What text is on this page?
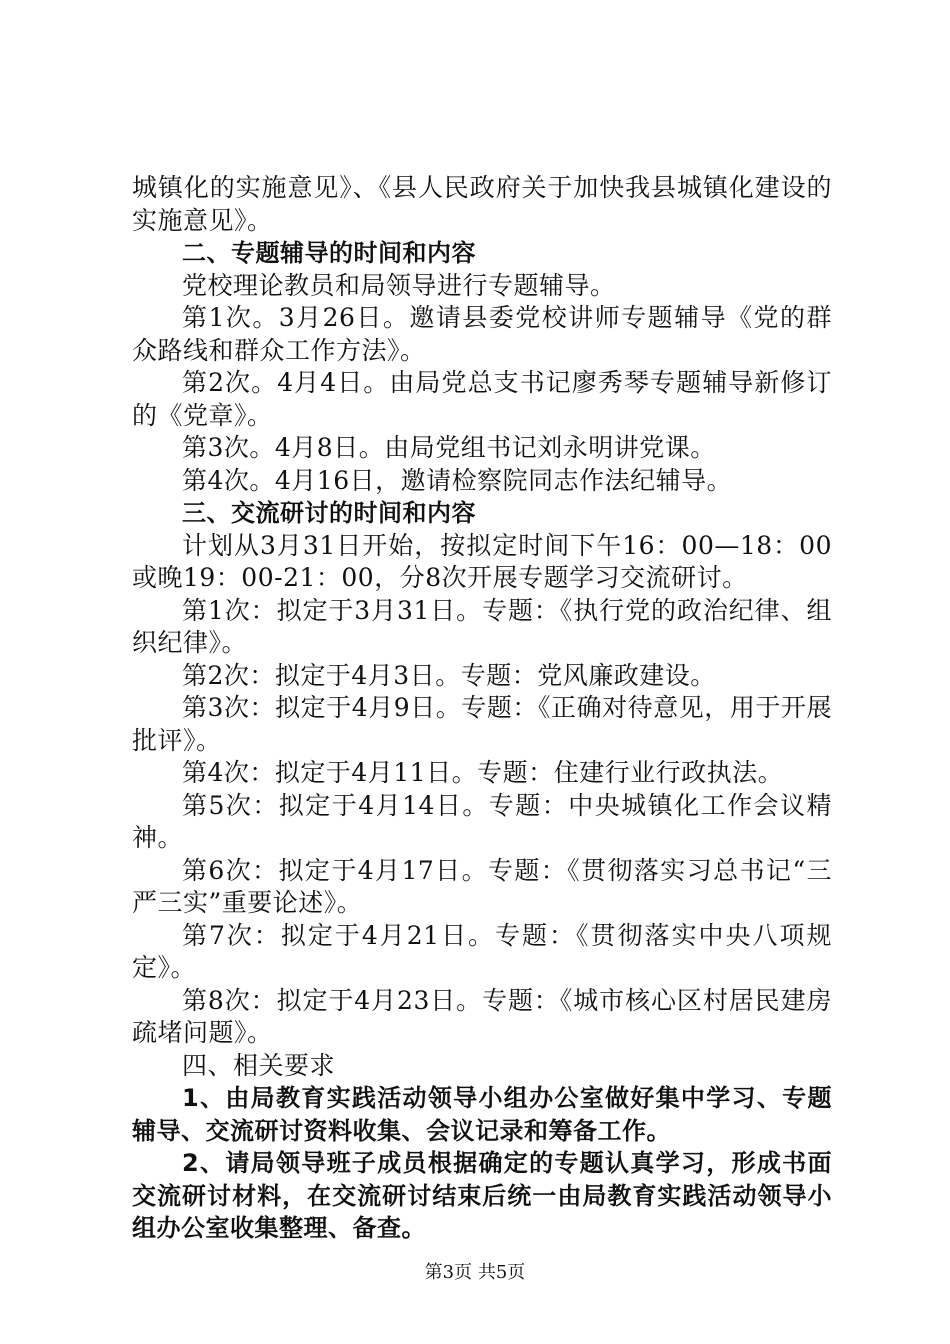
城镇化的实施意见》、《县人民政府关于加快我县城镇化建设的实施意见》。

二、专题辅导的时间和内容

党校理论教员和局领导进行专题辅导。

第1次。3月26日。邀请县委党校讲师专题辅导《党的群众路线和群众工作方法》。

第2次。4月4日。由局党总支书记廖秀琴专题辅导新修订的《党章》。

第3次。4月8日。由局党组书记刘永明讲党课。

第4次。4月16日，邀请检察院同志作法纪辅导。

三、交流研讨的时间和内容

计划从3月31日开始，按拟定时间下午16：00—18：00或晚19：00-21：00，分8次开展专题学习交流研讨。

第1次：拟定于3月31日。专题：《执行党的政治纪律、组织纪律》。

第2次：拟定于4月3日。专题：党风廉政建设。

第3次：拟定于4月9日。专题：《正确对待意见，用于开展批评》。

第4次：拟定于4月11日。专题：住建行业行政执法。

第5次：拟定于4月14日。专题：中央城镇化工作会议精神。

第6次：拟定于4月17日。专题：《贯彻落实习总书记“三严三实”重要论述》。

第7次：拟定于4月21日。专题：《贯彻落实中央八项规定》。

第8次：拟定于4月23日。专题：《城市核心区村居民建房疏堵问题》。

四、相关要求

1、由局教育实践活动领导小组办公室做好集中学习、专题辅导、交流研讨资料收集、会议记录和筹备工作。

2、请局领导班子成员根据确定的专题认真学习，形成书面交流研讨材料，在交流研讨结束后统一由局教育实践活动领导小组办公室收集整理、备查。

第3页 共5页
